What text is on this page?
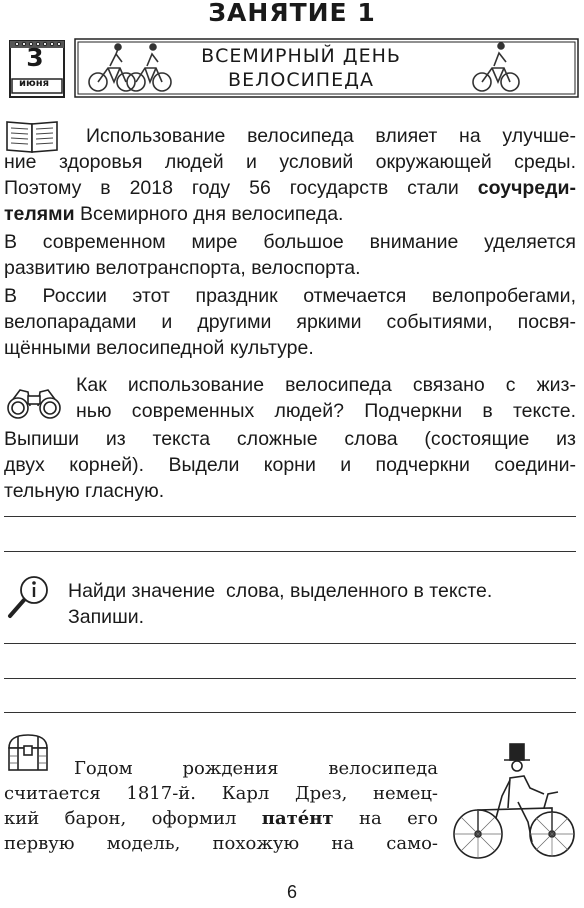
ЗАНЯТИЕ 1
3
июня
ВСЕМИРНЫЙ ДЕНЬ
ВЕЛОСИПЕДА
Использование велосипеда влияет на улучше-
ние здоровья людей и условий окружающей среды.
Поэтому в 2018 году 56 государств стали соучреди-
телями Всемирного дня велосипеда.
В современном мире большое внимание уделяется
развитию велотранспорта, велоспорта.
В России этот праздник отмечается велопробегами,
велопарадами и другими яркими событиями, посвя-
щёнными велосипедной культуре.
Как использование велосипеда связано с жиз-
нью современных людей? Подчеркни в тексте.
Выпиши из текста сложные слова (состоящие из
двух корней). Выдели корни и подчеркни соедини-
тельную гласную.
Найди значение  слова, выделенного в тексте.
Запиши.
Годом рождения велосипеда
считается 1817-й. Карл Дрез, немец-
кий барон, оформил пате́нт на его
первую модель, похожую на само-
6
